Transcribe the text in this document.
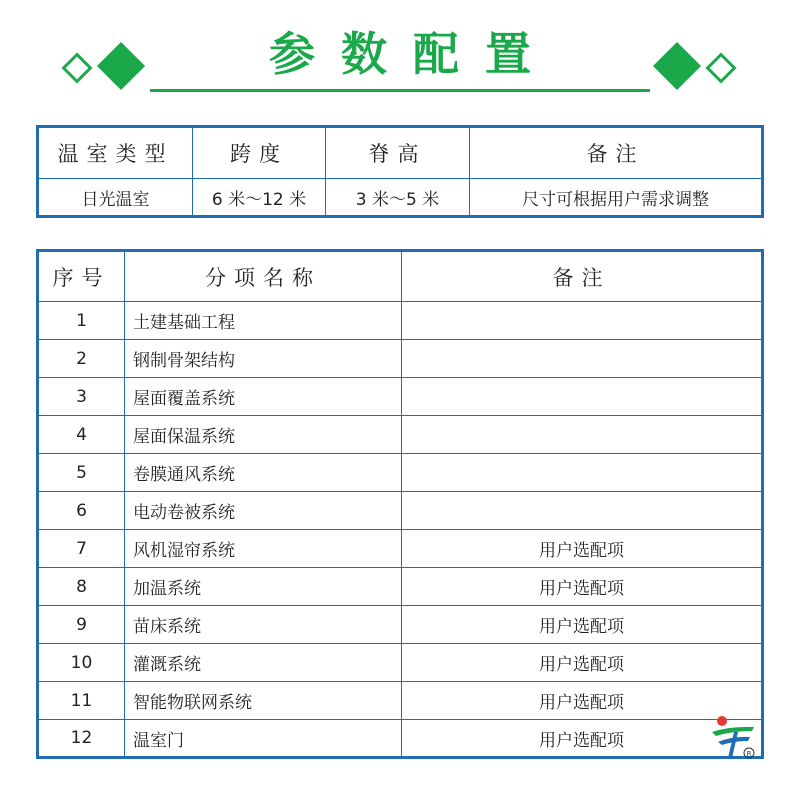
参数配置
温室类型	跨度	脊高	备注
日光温室	6 米～12 米	3 米～5 米	尺寸可根据用户需求调整
序号	分项名称	备注
1	土建基础工程	
2	钢制骨架结构	
3	屋面覆盖系统	
4	屋面保温系统	
5	卷膜通风系统	
6	电动卷被系统	
7	风机湿帘系统	用户选配项
8	加温系统	用户选配项
9	苗床系统	用户选配项
10	灌溉系统	用户选配项
11	智能物联网系统	用户选配项
12	温室门	用户选配项
R
